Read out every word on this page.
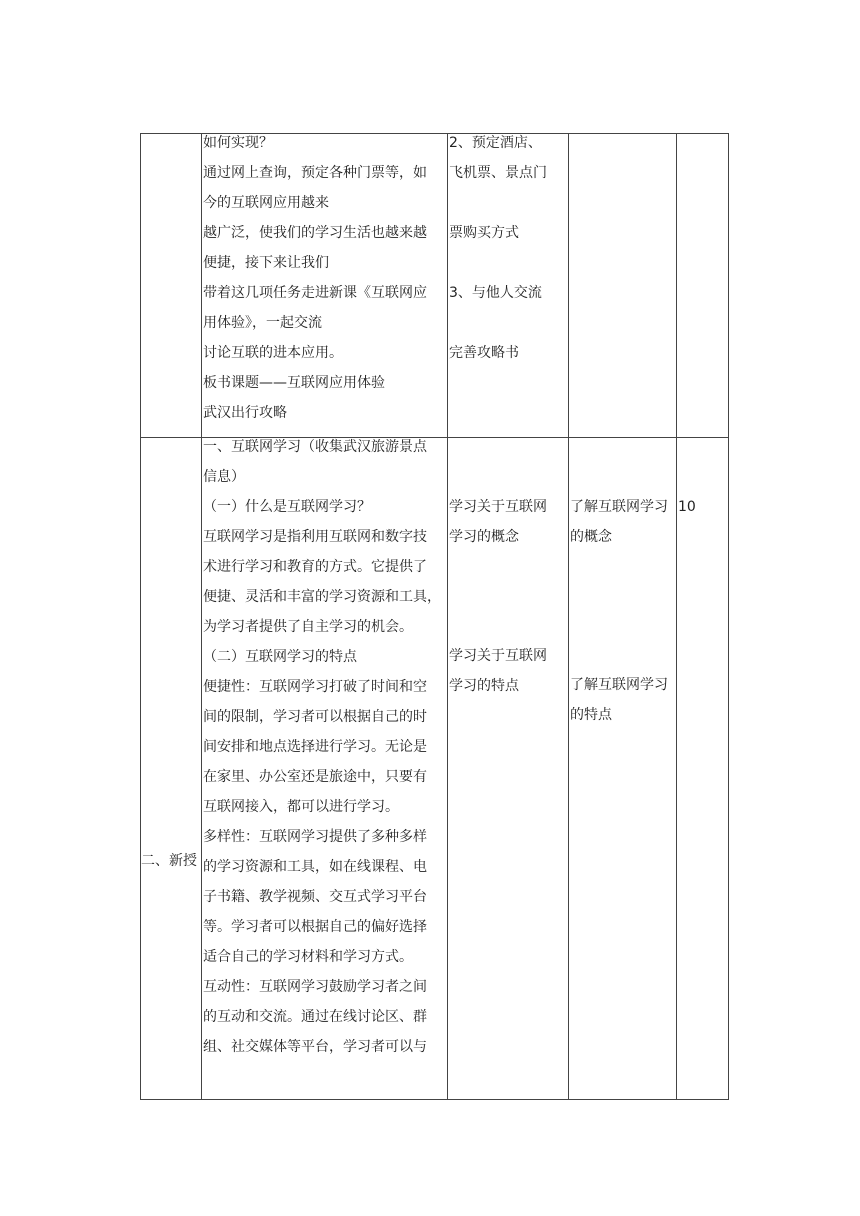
如何实现？
通过网上查询，预定各种门票等，如
今的互联网应用越来
越广泛，使我们的学习生活也越来越
便捷，接下来让我们
带着这几项任务走进新课《互联网应
用体验》，一起交流
讨论互联的进本应用。
板书课题——互联网应用体验
武汉出行攻略
2、预定酒店、
飞机票、景点门

票购买方式

3、与他人交流

完善攻略书
二、新授
一、互联网学习（收集武汉旅游景点
信息）
（一）什么是互联网学习？
互联网学习是指利用互联网和数字技
术进行学习和教育的方式。它提供了
便捷、灵活和丰富的学习资源和工具，
为学习者提供了自主学习的机会。
（二）互联网学习的特点
便捷性：互联网学习打破了时间和空
间的限制，学习者可以根据自己的时
间安排和地点选择进行学习。无论是
在家里、办公室还是旅途中，只要有
互联网接入，都可以进行学习。
多样性：互联网学习提供了多种多样
的学习资源和工具，如在线课程、电
子书籍、教学视频、交互式学习平台
等。学习者可以根据自己的偏好选择
适合自己的学习材料和学习方式。
互动性：互联网学习鼓励学习者之间
的互动和交流。通过在线讨论区、群
组、社交媒体等平台，学习者可以与
学习关于互联网
学习的概念
学习关于互联网
学习的特点
了解互联网学习
的概念
了解互联网学习
的特点
10
